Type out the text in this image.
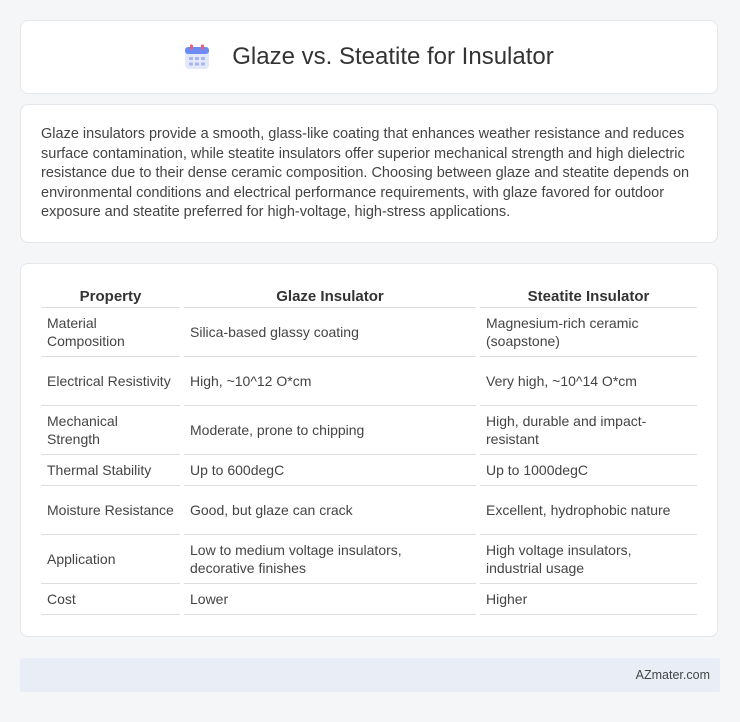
Glaze vs. Steatite for Insulator

Glaze insulators provide a smooth, glass-like coating that enhances weather resistance and reduces surface contamination, while steatite insulators offer superior mechanical strength and high dielectric resistance due to their dense ceramic composition. Choosing between glaze and steatite depends on environmental conditions and electrical performance requirements, with glaze favored for outdoor exposure and steatite preferred for high-voltage, high-stress applications.

Property	Glaze Insulator	Steatite Insulator
Material Composition	Silica-based glassy coating	Magnesium-rich ceramic (soapstone)
Electrical Resistivity	High, ~10^12 O*cm	Very high, ~10^14 O*cm
Mechanical Strength	Moderate, prone to chipping	High, durable and impact-resistant
Thermal Stability	Up to 600degC	Up to 1000degC
Moisture Resistance	Good, but glaze can crack	Excellent, hydrophobic nature
Application	Low to medium voltage insulators, decorative finishes	High voltage insulators, industrial usage
Cost	Lower	Higher
AZmater.com
